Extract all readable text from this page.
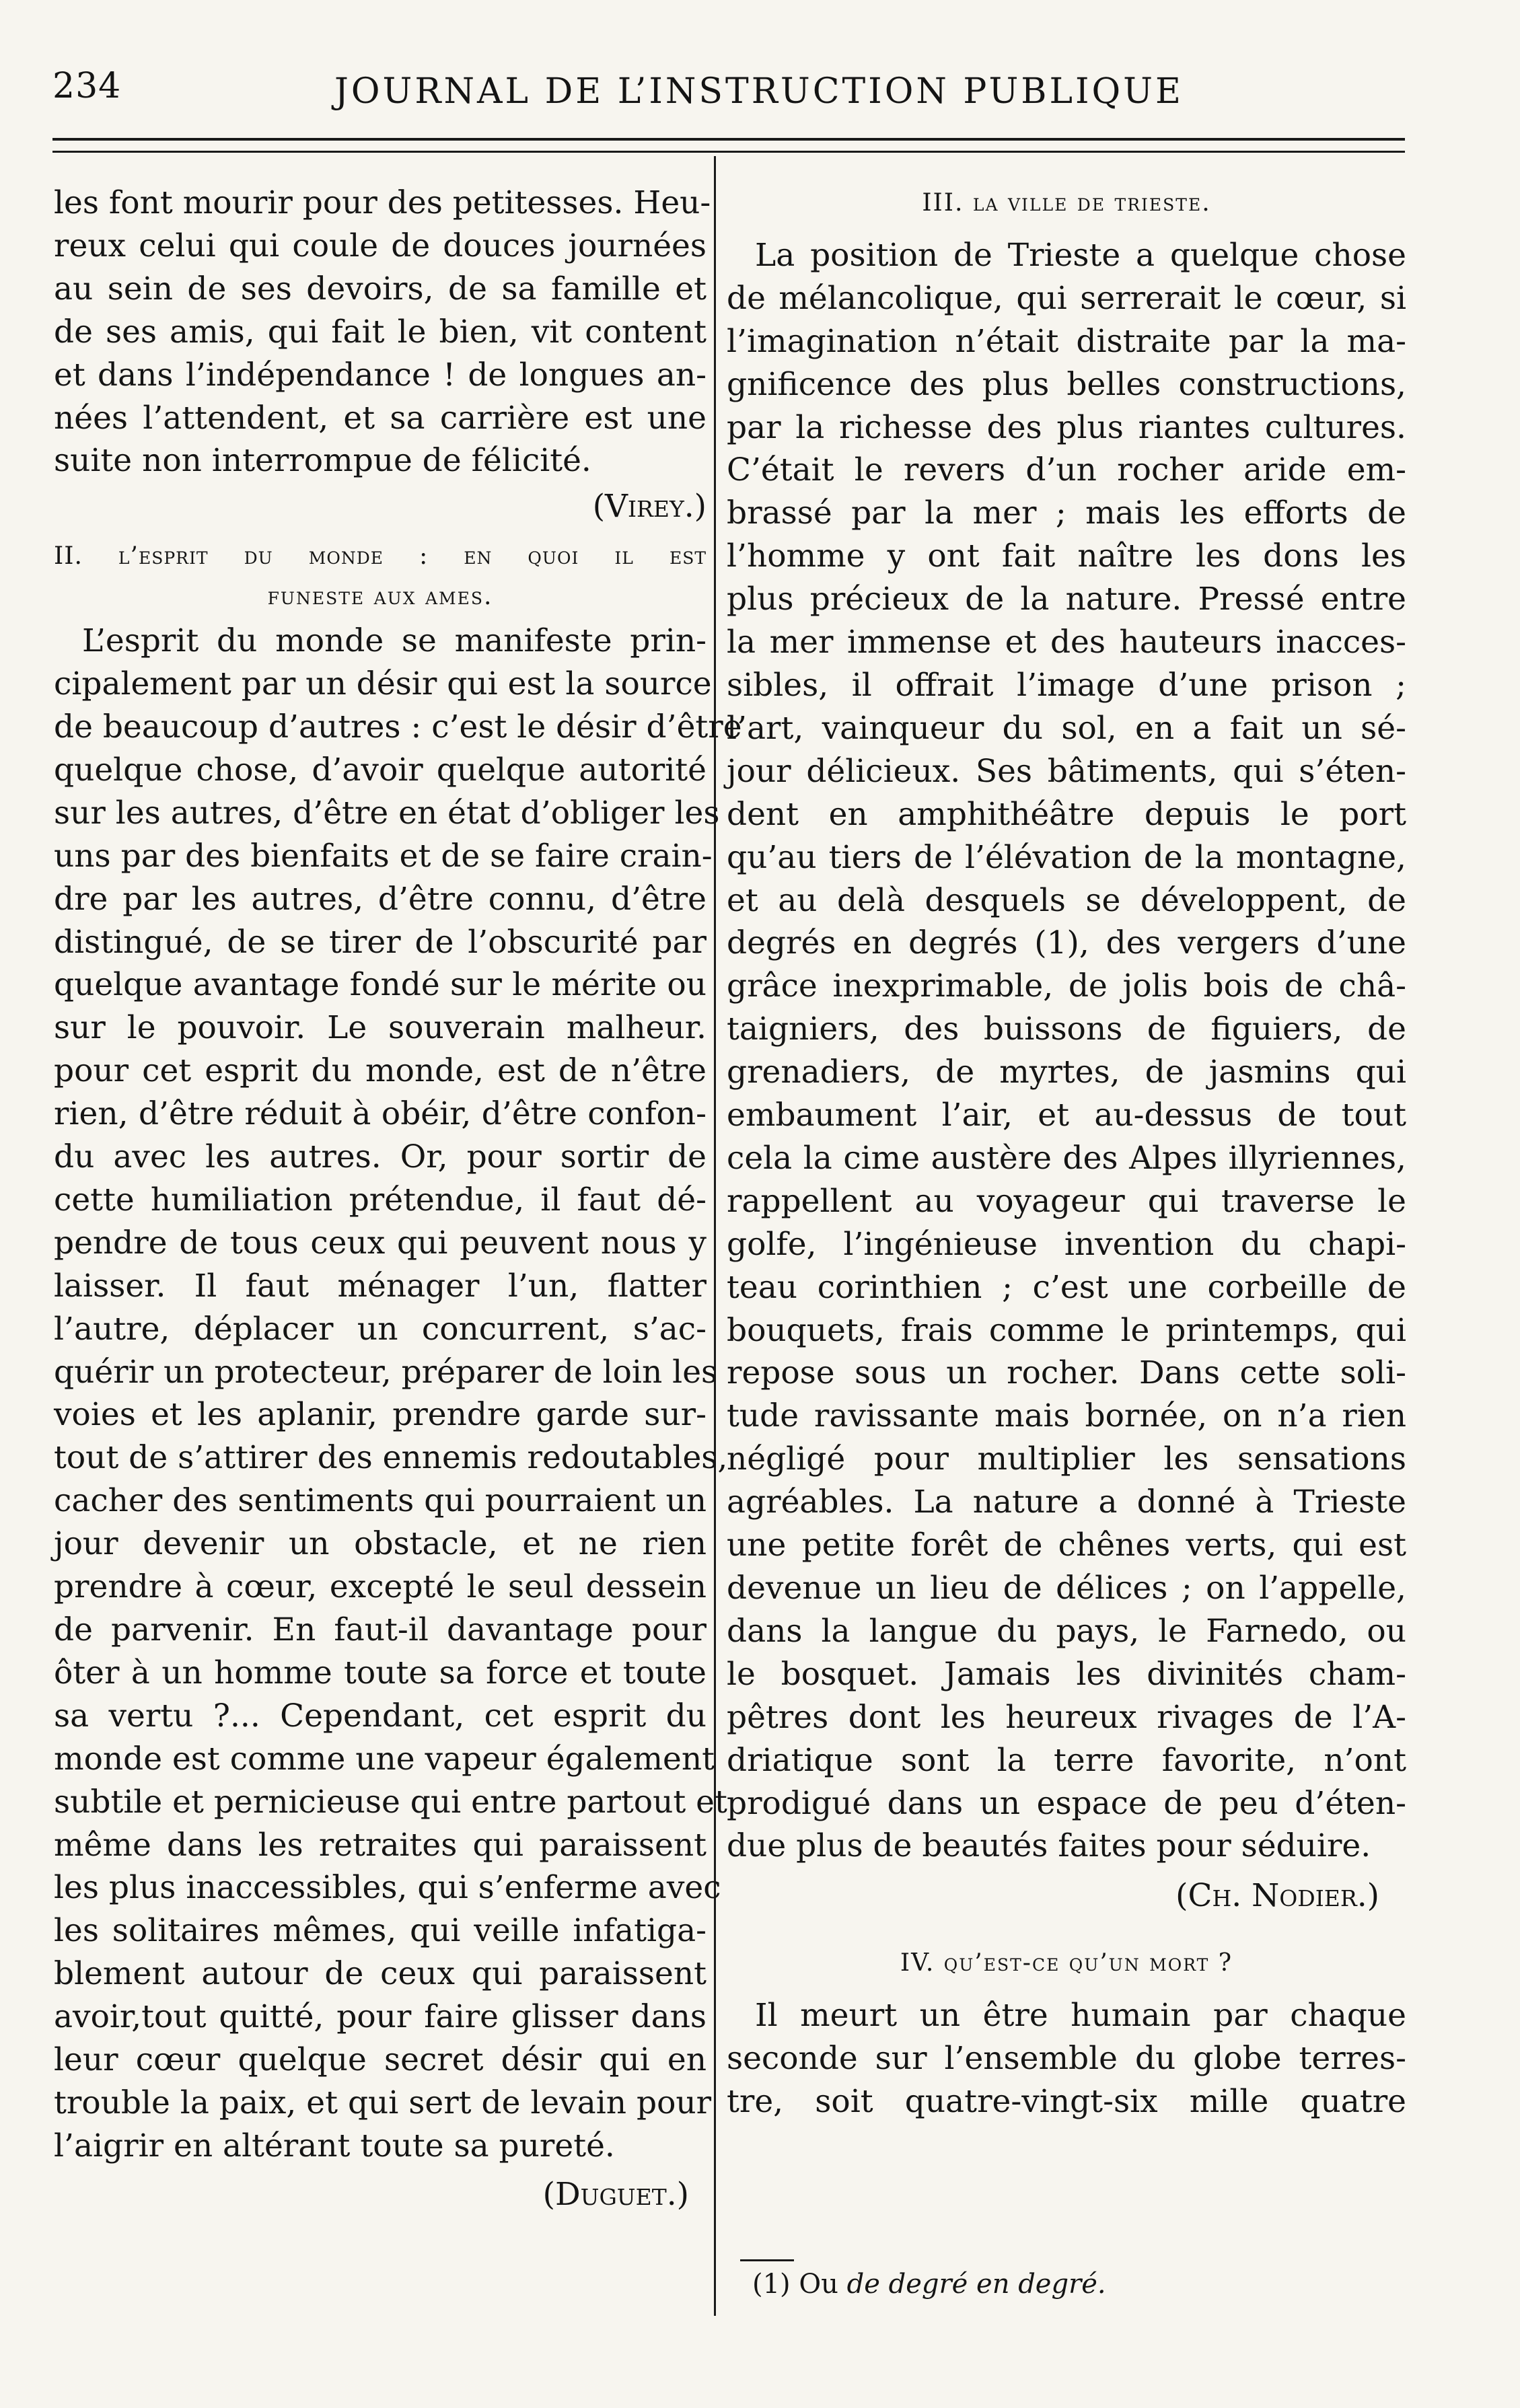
234	JOURNAL DE L’INSTRUCTION PUBLIQUE
les font mourir pour des petitesses. Heu-
reux celui qui coule de douces journées
au sein de ses devoirs, de sa famille et
de ses amis, qui fait le bien, vit content
et dans l’indépendance ! de longues an-
nées l’attendent, et sa carrière est une
suite non interrompue de félicité.
(Virey.)
II. l’esprit du monde : en quoi il est
funeste aux ames.
L’esprit du monde se manifeste prin-
cipalement par un désir qui est la source
de beaucoup d’autres : c’est le désir d’être
quelque chose, d’avoir quelque autorité
sur les autres, d’être en état d’obliger les
uns par des bienfaits et de se faire crain-
dre par les autres, d’être connu, d’être
distingué, de se tirer de l’obscurité par
quelque avantage fondé sur le mérite ou
sur le pouvoir. Le souverain malheur.
pour cet esprit du monde, est de n’être
rien, d’être réduit à obéir, d’être confon-
du avec les autres. Or, pour sortir de
cette humiliation prétendue, il faut dé-
pendre de tous ceux qui peuvent nous y
laisser. Il faut ménager l’un, flatter
l’autre, déplacer un concurrent, s’ac-
quérir un protecteur, préparer de loin les
voies et les aplanir, prendre garde sur-
tout de s’attirer des ennemis redoutables,
cacher des sentiments qui pourraient un
jour devenir un obstacle, et ne rien
prendre à cœur, excepté le seul dessein
de parvenir. En faut-il davantage pour
ôter à un homme toute sa force et toute
sa vertu ?... Cependant, cet esprit du
monde est comme une vapeur également
subtile et pernicieuse qui entre partout et
même dans les retraites qui paraissent
les plus inaccessibles, qui s’enferme avec
les solitaires mêmes, qui veille infatiga-
blement autour de ceux qui paraissent
avoir,tout quitté, pour faire glisser dans
leur cœur quelque secret désir qui en
trouble la paix, et qui sert de levain pour
l’aigrir en altérant toute sa pureté.
(Duguet.)
III. la ville de trieste.
La position de Trieste a quelque chose
de mélancolique, qui serrerait le cœur, si
l’imagination n’était distraite par la ma-
gnificence des plus belles constructions,
par la richesse des plus riantes cultures.
C’était le revers d’un rocher aride em-
brassé par la mer ; mais les efforts de
l’homme y ont fait naître les dons les
plus précieux de la nature. Pressé entre
la mer immense et des hauteurs inacces-
sibles, il offrait l’image d’une prison ;
l’art, vainqueur du sol, en a fait un sé-
jour délicieux. Ses bâtiments, qui s’éten-
dent en amphithéâtre depuis le port
qu’au tiers de l’élévation de la montagne,
et au delà desquels se développent, de
degrés en degrés (1), des vergers d’une
grâce inexprimable, de jolis bois de châ-
taigniers, des buissons de figuiers, de
grenadiers, de myrtes, de jasmins qui
embaument l’air, et au-dessus de tout
cela la cime austère des Alpes illyriennes,
rappellent au voyageur qui traverse le
golfe, l’ingénieuse invention du chapi-
teau corinthien ; c’est une corbeille de
bouquets, frais comme le printemps, qui
repose sous un rocher. Dans cette soli-
tude ravissante mais bornée, on n’a rien
négligé pour multiplier les sensations
agréables. La nature a donné à Trieste
une petite forêt de chênes verts, qui est
devenue un lieu de délices ; on l’appelle,
dans la langue du pays, le Farnedo, ou
le bosquet. Jamais les divinités cham-
pêtres dont les heureux rivages de l’A-
driatique sont la terre favorite, n’ont
prodigué dans un espace de peu d’éten-
due plus de beautés faites pour séduire.
(Ch. Nodier.)
IV. qu’est-ce qu’un mort ?
Il meurt un être humain par chaque
seconde sur l’ensemble du globe terres-
tre, soit quatre-vingt-six mille quatre
(1) Ou de degré en degré.
